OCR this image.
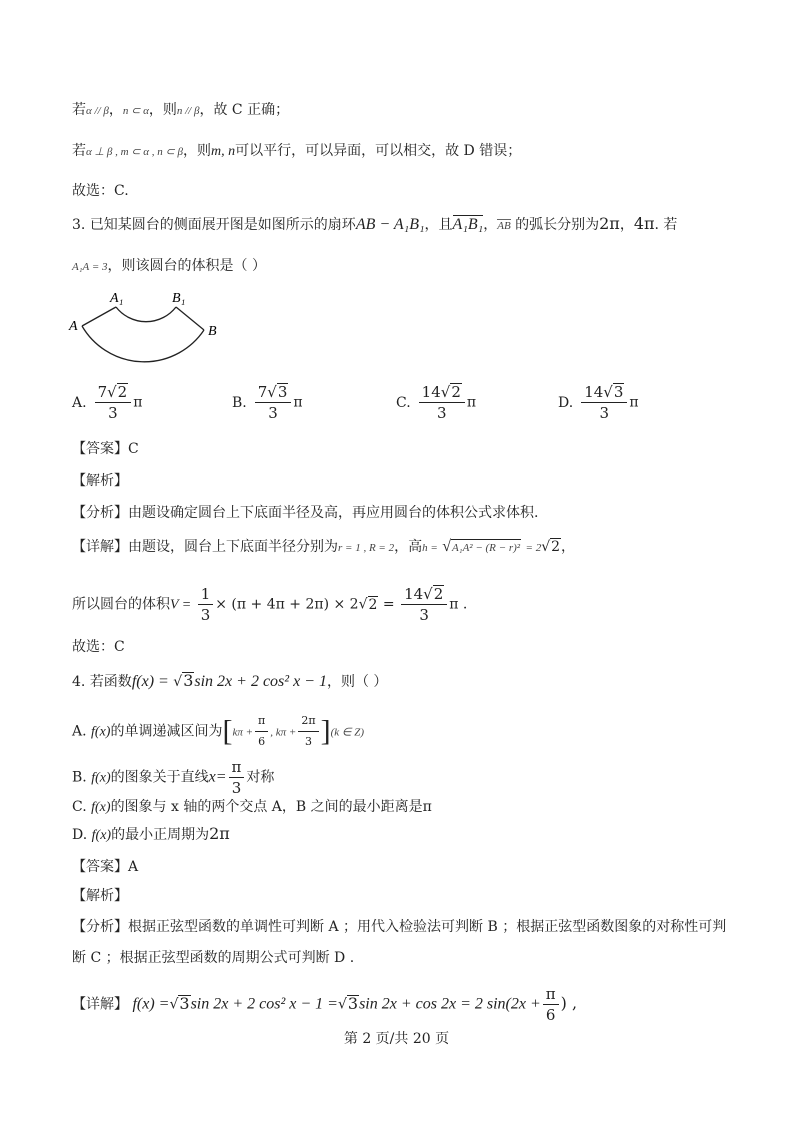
若α // β，n ⊂ α，则n // β，故 C 正确；
若α ⊥ β , m ⊂ α , n ⊂ β，则m, n可以平行，可以异面，可以相交，故 D 错误；
故选：C.
3. 已知某圆台的侧面展开图是如图所示的扇环AB − A₁B₁，且A₁B₁，AB 的弧长分别为2π，4π. 若
A₁A = 3，则该圆台的体积是（ ）
A
A₁	B₁
B
A. $\frac{7√2}{3}$ π	B. $\frac{7√3}{3}$ π	C. $\frac{14√2}{3}$ π	D. $\frac{14√3}{3}$ π
【答案】C
【解析】
【分析】由题设确定圆台上下底面半径及高，再应用圆台的体积公式求体积.
【详解】由题设，圆台上下底面半径分别为r = 1 , R = 2，高h = √A₁A² − (R − r)² = 2√2，
所以圆台的体积$V = \frac{1}{3} \times (\pi + 4\pi + 2\pi) \times 2√2 = \frac{14√2}{3}$ π .
故选：C
4. 若函数f(x) = √3sin 2x + 2 cos² x − 1，则（ ）
A. f(x)的单调递减区间为[$k\pi + \frac{\pi}{6}$ , $k\pi + \frac{2\pi}{3} ](k$ ∈ Z)
B. f(x)的图象关于直线$x= \frac{\pi}{3}$ 对称
C. f(x)的图象与 x 轴的两个交点 A，B 之间的最小距离是π
D. f(x)的最小正周期为2π
【答案】A
【解析】
【分析】根据正弦型函数的单调性可判断 A ；用代入检验法可判断 B ；根据正弦型函数图象的对称性可判
断 C ；根据正弦型函数的周期公式可判断 D .
【详解】 f(x) =√3sin 2x + 2 cos² x − 1 =√3sin 2x + cos 2x = 2 $\sin(2x + \frac{\pi}{6}$ ) ,
第 2 页/共 20 页
